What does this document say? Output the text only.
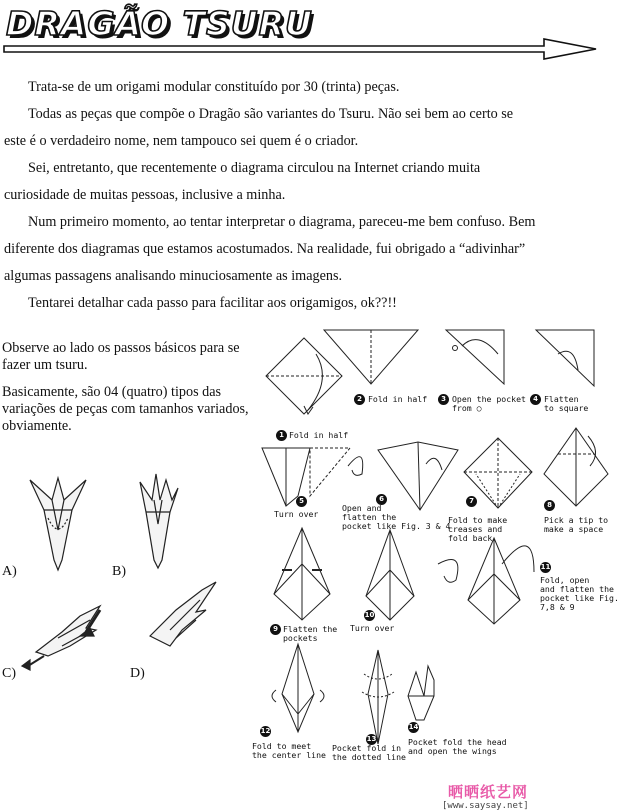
DRAGÃO TSURU

Trata-se de um origami modular constituído por 30 (trinta) peças.

Todas as peças que compõe o Dragão são variantes do Tsuru. Não sei bem ao certo se

este é o verdadeiro nome, nem tampouco sei quem é o criador.

Sei, entretanto, que recentemente o diagrama circulou na Internet criando muita

curiosidade de muitas pessoas, inclusive a minha.

Num primeiro momento, ao tentar interpretar o diagrama, pareceu-me bem confuso. Bem

diferente dos diagramas que estamos acostumados. Na realidade, fui obrigado a “adivinhar”

algumas passagens analisando minuciosamente as imagens.

Tentarei detalhar cada passo para facilitar aos origamigos, ok??!!

Observe ao lado os passos básicos para se fazer um tsuru.

Basicamente, são 04 (quatro) tipos das variações de peças com tamanhos variados, obviamente.

A)	B)
C)	D)
1 Fold in half
2 Fold in half	3 Open the pocket
from ○
4 Flatten
to square
5
Turn over
6
Open and
flatten the
pocket like Fig. 3 & 4
7
Fold to make
creases and
fold back
8
Pick a tip to
make a space
9 Flatten the
pockets
10
Turn over
11
Fold, open
and flatten the
pocket like Fig.
7,8 & 9
12
Fold to meet
the center line
13
Pocket fold in
the dotted line
14
Pocket fold the head
and open the wings
晒晒纸艺网
[www.saysay.net]
